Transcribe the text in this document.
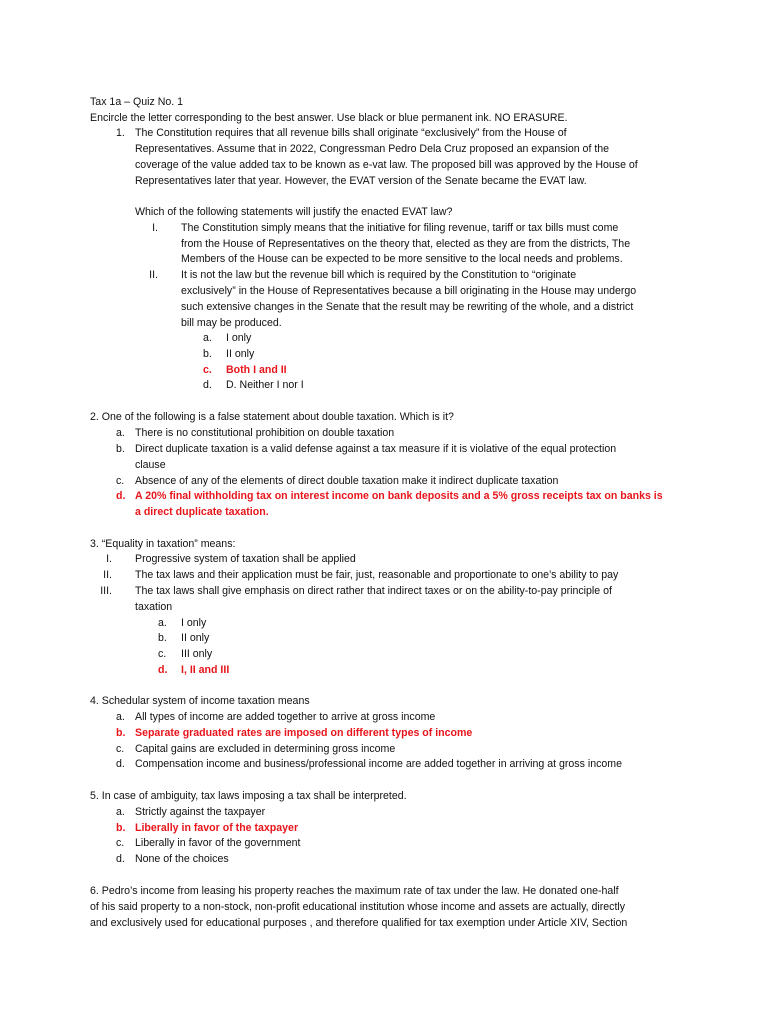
Tax 1a – Quiz No. 1
Encircle the letter corresponding to the best answer. Use black or blue permanent ink. NO ERASURE.
1. The Constitution requires that all revenue bills shall originate “exclusively” from the House of
Representatives. Assume that in 2022, Congressman Pedro Dela Cruz proposed an expansion of the
coverage of the value added tax to be known as e-vat law. The proposed bill was approved by the House of
Representatives later that year. However, the EVAT version of the Senate became the EVAT law.
Which of the following statements will justify the enacted EVAT law?
I. The Constitution simply means that the initiative for filing revenue, tariff or tax bills must come
from the House of Representatives on the theory that, elected as they are from the districts, The
Members of the House can be expected to be more sensitive to the local needs and problems.
II. It is not the law but the revenue bill which is required by the Constitution to “originate
exclusively” in the House of Representatives because a bill originating in the House may undergo
such extensive changes in the Senate that the result may be rewriting of the whole, and a district
bill may be produced.
a. I only
b. II only
c. Both I and II
d. D. Neither I nor I
2. One of the following is a false statement about double taxation. Which is it?
a. There is no constitutional prohibition on double taxation
b. Direct duplicate taxation is a valid defense against a tax measure if it is violative of the equal protection
clause
c. Absence of any of the elements of direct double taxation make it indirect duplicate taxation
d. A 20% final withholding tax on interest income on bank deposits and a 5% gross receipts tax on banks is
a direct duplicate taxation.
3. “Equality in taxation” means:
I. Progressive system of taxation shall be applied
II. The tax laws and their application must be fair, just, reasonable and proportionate to one’s ability to pay
III. The tax laws shall give emphasis on direct rather that indirect taxes or on the ability-to-pay principle of
taxation
a. I only
b. II only
c. III only
d. I, II and III
4. Schedular system of income taxation means
a. All types of income are added together to arrive at gross income
b. Separate graduated rates are imposed on different types of income
c. Capital gains are excluded in determining gross income
d. Compensation income and business/professional income are added together in arriving at gross income
5. In case of ambiguity, tax laws imposing a tax shall be interpreted.
a. Strictly against the taxpayer
b. Liberally in favor of the taxpayer
c. Liberally in favor of the government
d. None of the choices
6. Pedro’s income from leasing his property reaches the maximum rate of tax under the law. He donated one-half
of his said property to a non-stock, non-profit educational institution whose income and assets are actually, directly
and exclusively used for educational purposes , and therefore qualified for tax exemption under Article XIV, Section
